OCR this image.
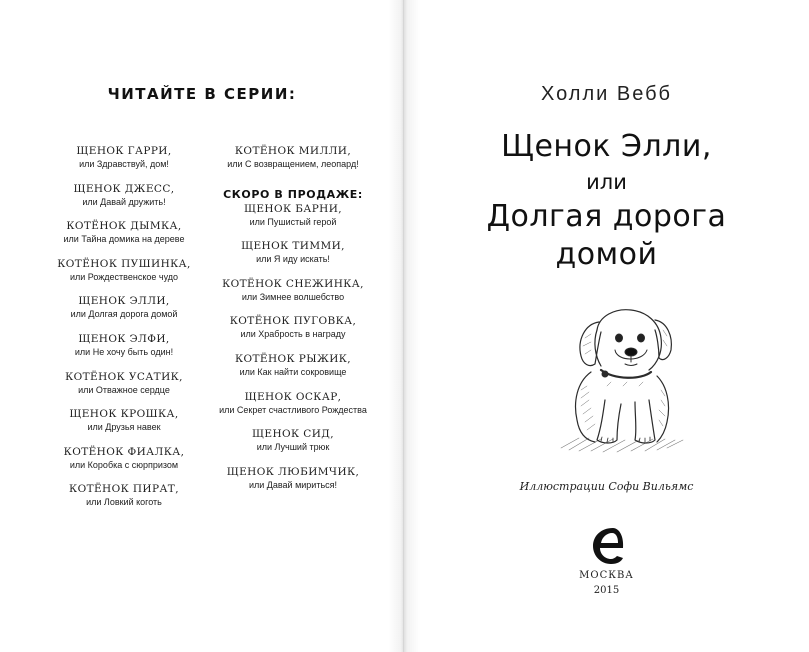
ЧИТАЙТЕ В СЕРИИ:
ЩЕНОК ГАРРИ,
или Здравствуй, дом!
ЩЕНОК ДЖЕСС,
или Давай дружить!
КОТЁНОК ДЫМКА,
или Тайна домика на дереве
КОТЁНОК ПУШИНКА,
или Рождественское чудо
ЩЕНОК ЭЛЛИ,
или Долгая дорога домой
ЩЕНОК ЭЛФИ,
или Не хочу быть один!
КОТЁНОК УСАТИК,
или Отважное сердце
ЩЕНОК КРОШКА,
или Друзья навек
КОТЁНОК ФИАЛКА,
или Коробка с сюрпризом
КОТЁНОК ПИРАТ,
или Ловкий коготь
КОТЁНОК МИЛЛИ,
или С возвращением, леопард!
СКОРО В ПРОДАЖЕ:
ЩЕНОК БАРНИ,
или Пушистый герой
ЩЕНОК ТИММИ,
или Я иду искать!
КОТЁНОК СНЕЖИНКА,
или Зимнее волшебство
КОТЁНОК ПУГОВКА,
или Храбрость в награду
КОТЁНОК РЫЖИК,
или Как найти сокровище
ЩЕНОК ОСКАР,
или Секрет счастливого Рождества
ЩЕНОК СИД,
или Лучший трюк
ЩЕНОК ЛЮБИМЧИК,
или Давай мириться!
Холли Вебб
Щенок Элли,
или
Долгая дорога
домой
Иллюстрации Софи Вильямс
МОСКВА
2015
